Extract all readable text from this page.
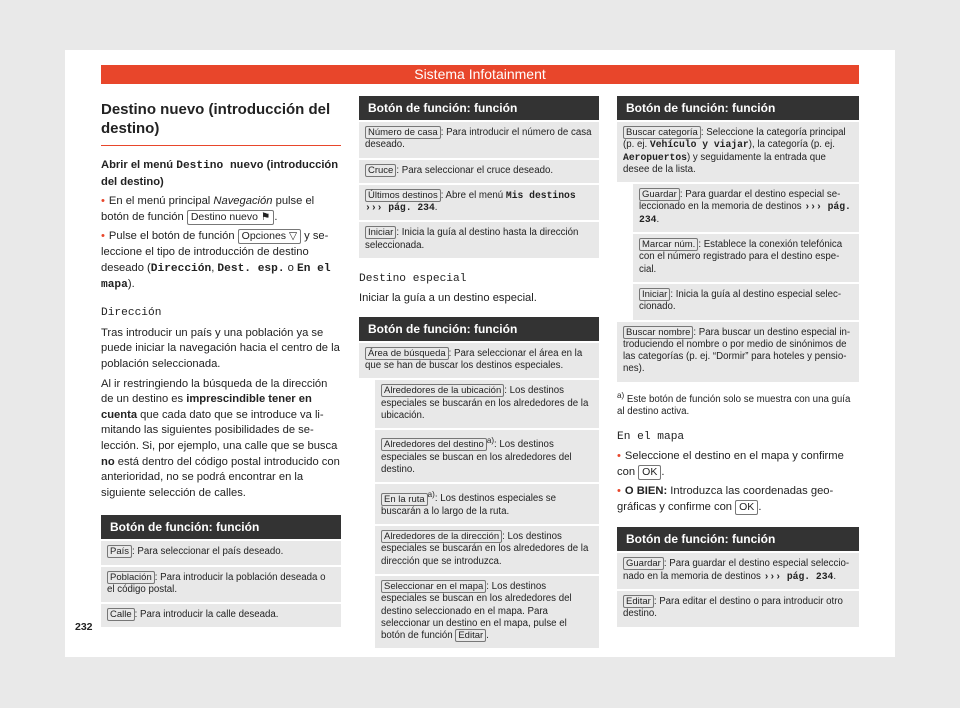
Sistema Infotainment
Destino nuevo (introducción del destino)

Abrir el menú Destino nuevo (introducción del destino)

• En el menú principal Navegación pulse el botón de función Destino nuevo ⚑ .

• Pulse el botón de función Opciones ▽ y seleccione el tipo de introducción de destino deseado (Dirección, Dest. esp. o En el mapa).

Dirección

Tras introducir un país y una población ya se puede iniciar la navegación hacia el centro de la población seleccionada.

Al ir restringiendo la búsqueda de la dirección de un destino es imprescindible tener en cuenta que cada dato que se introduce va limitando las siguientes posibilidades de selección. Si, por ejemplo, una calle que se busca no está dentro del código postal introducido con anterioridad, no se podrá encontrar en la siguiente selección de calles.

Botón de función: función
País : Para seleccionar el país deseado.
Población : Para introducir la población deseada o el código postal.
Calle : Para introducir la calle deseada.
Botón de función: función
Número de casa : Para introducir el número de casa deseado.
Cruce : Para seleccionar el cruce deseado.
Últimos destinos : Abre el menú Mis destinos ››› pág. 234.
Iniciar : Inicia la guía al destino hasta la dirección seleccionada.

Destino especial

Iniciar la guía a un destino especial.

Botón de función: función
Área de búsqueda : Para seleccionar el área en la que se han de buscar los destinos especiales.
Alrededores de la ubicación : Los destinos especiales se buscarán en los alrededores de la ubicación.
Alrededores del destino $^{a)}$: Los destinos especiales se buscan en los alrededores del destino.
En la ruta $^{a)}$: Los destinos especiales se buscarán a lo largo de la ruta.
Alrededores de la dirección : Los destinos especiales se buscarán en los alrededores de la dirección que se introduzca.
Seleccionar en el mapa : Los destinos especiales se buscan en los alrededores del destino seleccionado en el mapa. Para seleccionar un destino en el mapa, pulse el botón de función Editar .
Botón de función: función
Buscar categoría : Seleccione la categoría principal (p. ej. Vehículo y viajar), la categoría (p. ej. Aeropuertos) y seguidamente la entrada que desee de la lista.
Guardar : Para guardar el destino especial seleccionado en la memoria de destinos ››› pág. 234.
Marcar núm. : Establece la conexión telefónica con el número registrado para el destino especial.
Iniciar : Inicia la guía al destino especial seleccionado.
Buscar nombre : Para buscar un destino especial introduciendo el nombre o por medio de sinónimos de las categorías (p. ej. “Dormir” para hoteles y pensiones).

$^{a)}$ Este botón de función solo se muestra con una guía al destino activa.

En el mapa

• Seleccione el destino en el mapa y confirme con OK .

• O BIEN: Introduzca las coordenadas geográficas y confirme con OK .

Botón de función: función
Guardar : Para guardar el destino especial seleccionado en la memoria de destinos ››› pág. 234.
Editar : Para editar el destino o para introducir otro destino.
232
